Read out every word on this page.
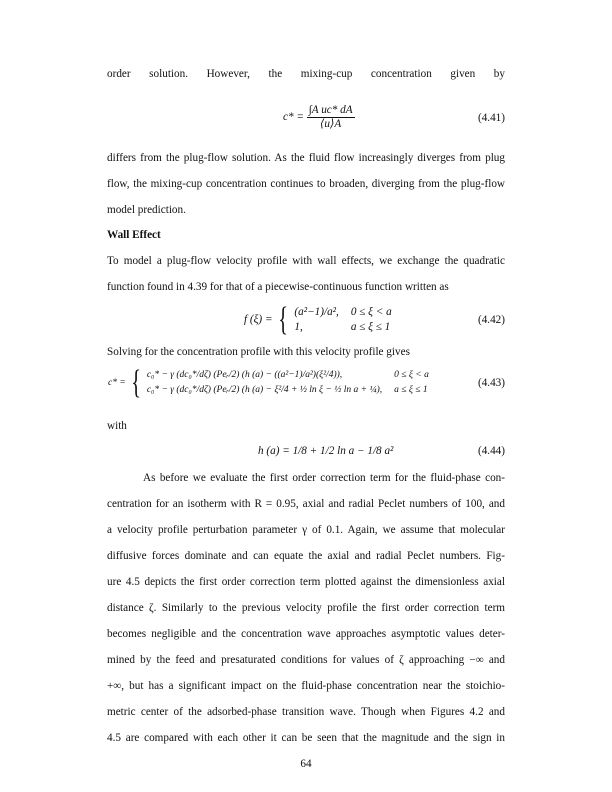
order solution. However, the mixing-cup concentration given by
$c* = \frac{\text{∫A uc* dA}}{⟨u⟩A}$	(4.41)
differs from the plug-flow solution. As the fluid flow increasingly diverges from plug
flow, the mixing-cup concentration continues to broaden, diverging from the plug-flow
model prediction.
Wall Effect
To model a plug-flow velocity profile with wall effects, we exchange the quadratic
function found in 4.39 for that of a piecewise-continuous function written as
f (ξ) = { (a²−1)/a², 0 ≤ ξ < a
1,	a ≤ ξ ≤ 1
(4.42)
Solving for the concentration profile with this velocity profile gives
c* = { c₀* − γ (dc₀*/dζ) (Peᵣ/2) (h (a) − ((a²−1)/a²)(ξ²/4)),	0 ≤ ξ < a
c₀* − γ (dc₀*/dζ) (Peᵣ/2) (h (a) − ξ²/4 + ½ ln ξ − ½ ln a + ¼), a ≤ ξ ≤ 1
(4.43)
with
h (a) = 1/8 + 1/2 ln a − 1/8 a²	(4.44)
As before we evaluate the first order correction term for the fluid-phase con-
centration for an isotherm with R = 0.95, axial and radial Peclet numbers of 100, and
a velocity profile perturbation parameter γ of 0.1. Again, we assume that molecular
diffusive forces dominate and can equate the axial and radial Peclet numbers. Fig-
ure 4.5 depicts the first order correction term plotted against the dimensionless axial
distance ζ. Similarly to the previous velocity profile the first order correction term
becomes negligible and the concentration wave approaches asymptotic values deter-
mined by the feed and presaturated conditions for values of ζ approaching −∞ and
+∞, but has a significant impact on the fluid-phase concentration near the stoichio-
metric center of the adsorbed-phase transition wave. Though when Figures 4.2 and
4.5 are compared with each other it can be seen that the magnitude and the sign in
64
